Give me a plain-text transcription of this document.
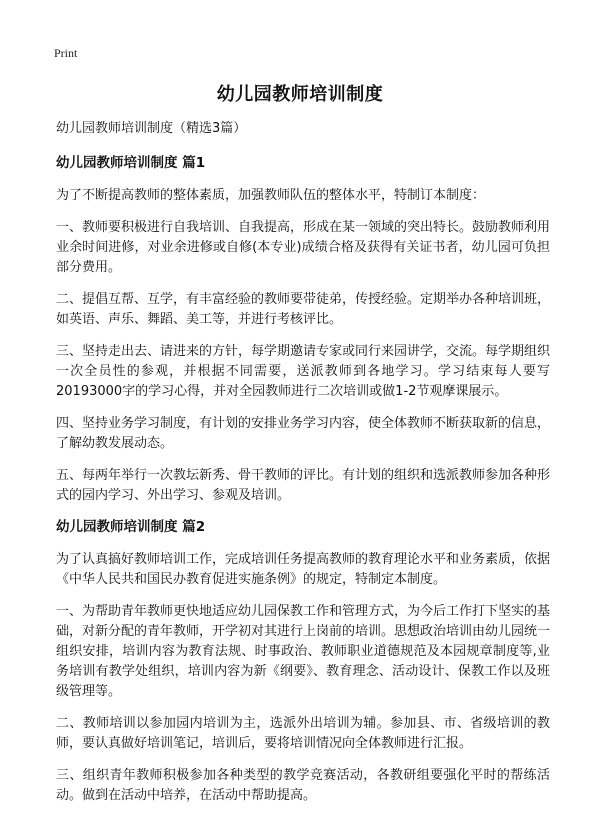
Print
幼儿园教师培训制度
幼儿园教师培训制度（精选3篇）
幼儿园教师培训制度 篇1

为了不断提高教师的整体素质，加强教师队伍的整体水平，特制订本制度：

一、教师要积极进行自我培训、自我提高，形成在某一领域的突出特长。鼓励教师利用业余时间进修，对业余进修或自修(本专业)成绩合格及获得有关证书者，幼儿园可负担部分费用。

二、提倡互帮、互学，有丰富经验的教师要带徒弟，传授经验。定期举办各种培训班，如英语、声乐、舞蹈、美工等，并进行考核评比。

三、坚持走出去、请进来的方针，每学期邀请专家或同行来园讲学，交流。每学期组织一次全员性的参观，并根据不同需要，送派教师到各地学习。学习结束每人要写20193000字的学习心得，并对全园教师进行二次培训或做1-2节观摩课展示。

四、坚持业务学习制度，有计划的安排业务学习内容，使全体教师不断获取新的信息，了解幼教发展动态。

五、每两年举行一次教坛新秀、骨干教师的评比。有计划的组织和选派教师参加各种形式的园内学习、外出学习、参观及培训。

幼儿园教师培训制度 篇2

为了认真搞好教师培训工作，完成培训任务提高教师的教育理论水平和业务素质，依据《中华人民共和国民办教育促进实施条例》的规定，特制定本制度。

一、为帮助青年教师更快地适应幼儿园保教工作和管理方式，为今后工作打下坚实的基础，对新分配的青年教师，开学初对其进行上岗前的培训。思想政治培训由幼儿园统一组织安排，培训内容为教育法规、时事政治、教师职业道德规范及本园规章制度等,业务培训有教学处组织，培训内容为新《纲要》、教育理念、活动设计、保教工作以及班级管理等。

二、教师培训以参加园内培训为主，选派外出培训为辅。参加县、市、省级培训的教师，要认真做好培训笔记，培训后，要将培训情况向全体教师进行汇报。

三、组织青年教师积极参加各种类型的教学竞赛活动，各教研组要强化平时的帮练活动。做到在活动中培养，在活动中帮助提高。
